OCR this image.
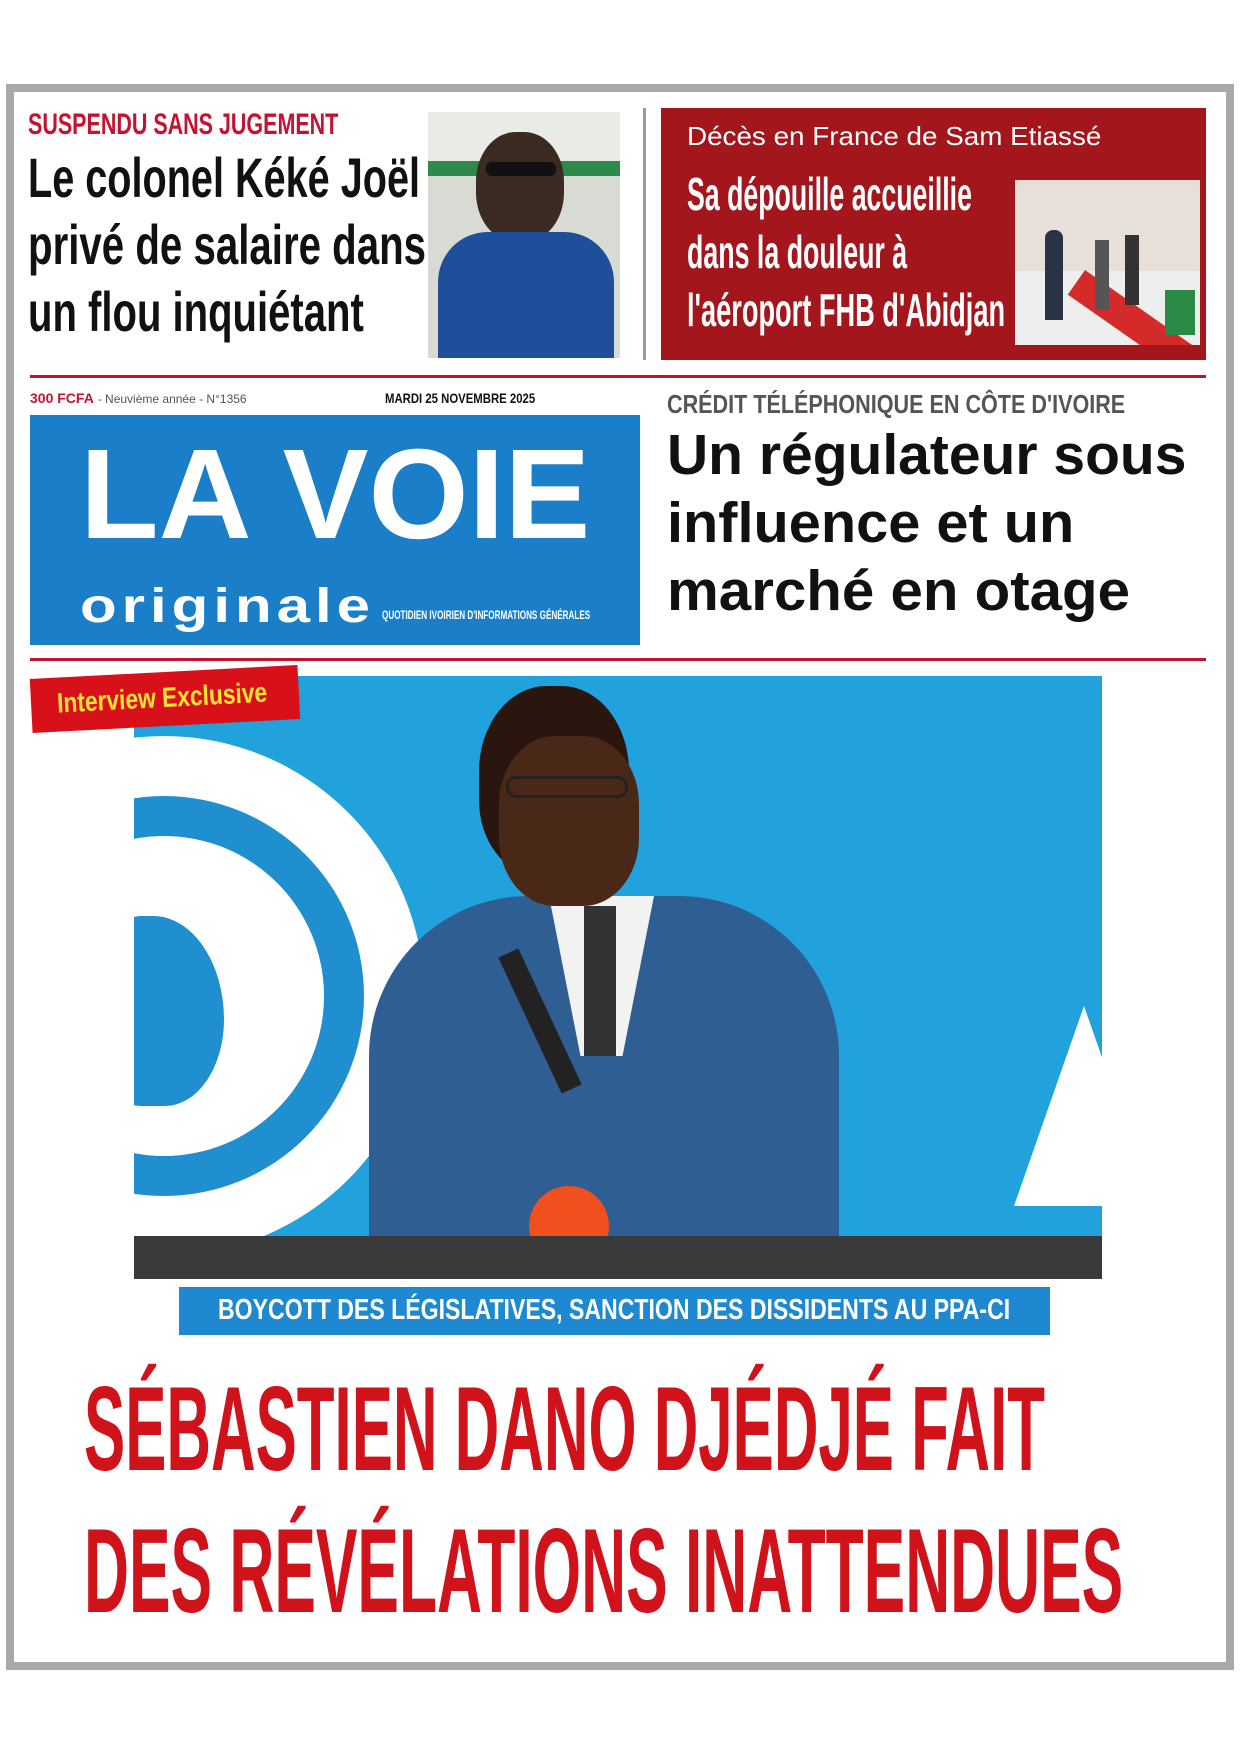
SUSPENDU SANS JUGEMENT
Le colonel Kéké Joël
privé de salaire dans
un flou inquiétant
Décès en France de Sam Etiassé
Sa dépouille accueillie
dans la douleur à
l'aéroport FHB d'Abidjan
300 FCFA - Neuvième année - N°1356	MARDI 25 NOVEMBRE 2025
LA VOIE
originale QUOTIDIEN IVOIRIEN D'INFORMATIONS GÉNÉRALES
CRÉDIT TÉLÉPHONIQUE EN CÔTE D'IVOIRE
Un régulateur sous
influence et un
marché en otage
Interview Exclusive
BOYCOTT DES LÉGISLATIVES, SANCTION DES DISSIDENTS AU PPA-CI
SÉBASTIEN DANO DJÉDJÉ FAIT
DES RÉVÉLATIONS INATTENDUES
